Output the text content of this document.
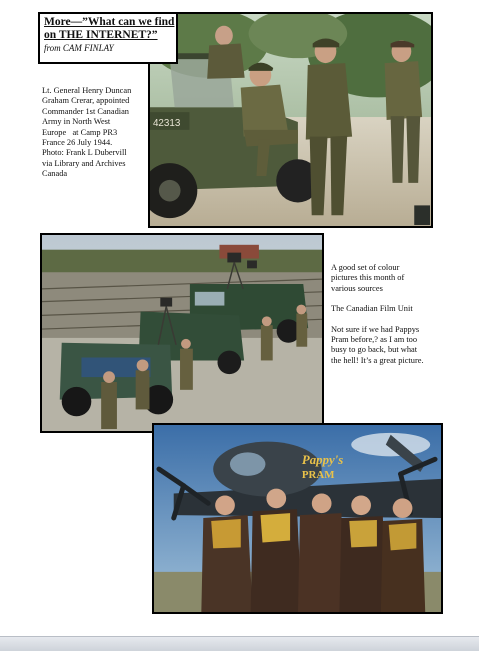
More—”What can we find
on THE INTERNET?”
from CAM FINLAY
Lt. General Henry Duncan
Graham Crerar, appointed
Commander 1st Canadian
Army in North West
Europe   at Camp PR3
France 26 July 1944.
Photo: Frank L Dubervill
via Library and Archives
Canada
42313

A good set of colour
pictures this month of
various sources

The Canadian Film Unit

Not sure if we had Pappys
Pram before,? as I am too
busy to go back, but what
the hell! It’s a great picture.

Pappy's
PRAM
